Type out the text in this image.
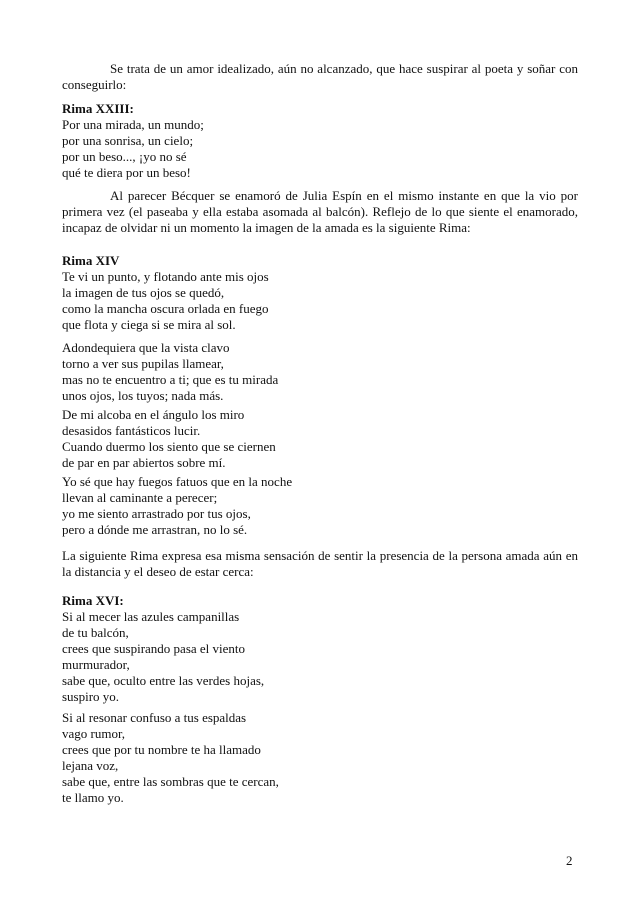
Se trata de un amor idealizado, aún no alcanzado, que hace suspirar al poeta y soñar con conseguirlo:
Rima XXIII:
Por una mirada, un mundo;
por una sonrisa, un cielo;
por un beso..., ¡yo no sé
qué te diera por un beso!
Al parecer Bécquer se enamoró de Julia Espín en el mismo instante en que la vio por primera vez (el paseaba y ella estaba asomada al balcón). Reflejo de lo que siente el enamorado, incapaz de olvidar ni un momento la imagen de la amada es la siguiente Rima:
Rima XIV
Te vi un punto, y flotando ante mis ojos
la imagen de tus ojos se quedó,
como la mancha oscura orlada en fuego
que flota y ciega si se mira al sol.
Adondequiera que la vista clavo
torno a ver sus pupilas llamear,
mas no te encuentro a ti; que es tu mirada
unos ojos, los tuyos; nada más.
De mi alcoba en el ángulo los miro
desasidos fantásticos lucir.
Cuando duermo los siento que se ciernen
de par en par abiertos sobre mí.
Yo sé que hay fuegos fatuos que en la noche
llevan al caminante a perecer;
yo me siento arrastrado por tus ojos,
pero a dónde me arrastran, no lo sé.
La siguiente Rima expresa esa misma sensación de sentir la presencia de la persona amada aún en la distancia y el deseo de estar cerca:
Rima XVI:
Si al mecer las azules campanillas
de tu balcón,
crees que suspirando pasa el viento
murmurador,
sabe que, oculto entre las verdes hojas,
suspiro yo.
Si al resonar confuso a tus espaldas
vago rumor,
crees que por tu nombre te ha llamado
lejana voz,
sabe que, entre las sombras que te cercan,
te llamo yo.
2
